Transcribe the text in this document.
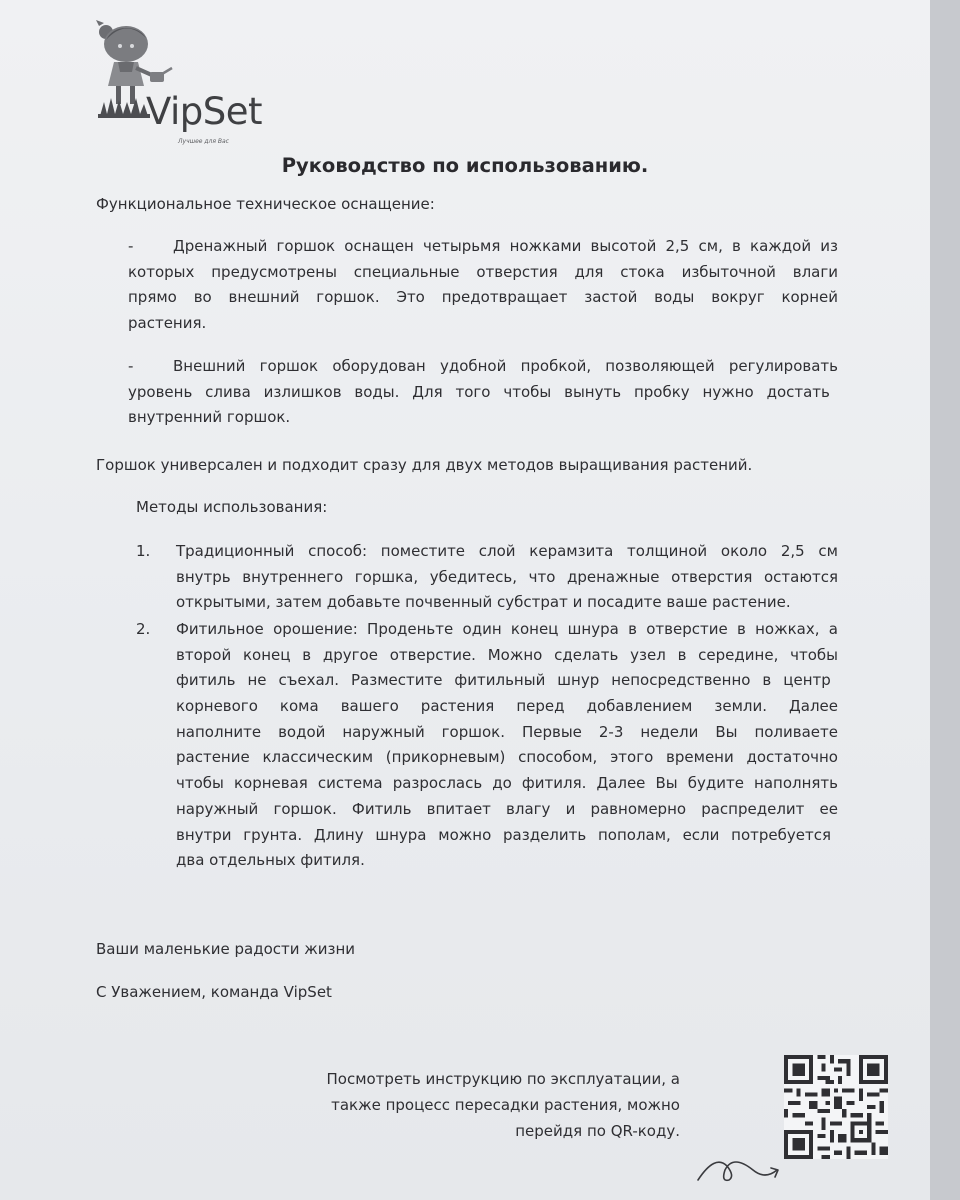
VipSet
Лучшее для Вас
Руководство по использованию.

Функциональное техническое оснащение:

-	Дренажный горшок оснащен четырьмя ножками высотой 2,5 см, в каждой из
которых предусмотрены специальные отверстия для стока избыточной влаги
прямо во внешний горшок. Это предотвращает застой воды вокруг корней
растения.
-	Внешний горшок оборудован удобной пробкой, позволяющей регулировать
уровень слива излишков воды. Для того чтобы вынуть пробку нужно достать
внутренний горшок.

Горшок универсален и подходит сразу для двух методов выращивания растений.

Методы использования:

1. Традиционный способ: поместите слой керамзита толщиной около 2,5 см
внутрь внутреннего горшка, убедитесь, что дренажные отверстия остаются
открытыми, затем добавьте почвенный субстрат и посадите ваше растение.
2. Фитильное орошение: Проденьте один конец шнура в отверстие в ножках, а
второй конец в другое отверстие. Можно сделать узел в середине, чтобы
фитиль не съехал. Разместите фитильный шнур непосредственно в центр
корневого кома вашего растения перед добавлением земли. Далее
наполните водой наружный горшок. Первые 2-3 недели Вы поливаете
растение классическим (прикорневым) способом, этого времени достаточно
чтобы корневая система разрослась до фитиля. Далее Вы будите наполнять
наружный горшок. Фитиль впитает влагу и равномерно распределит ее
внутри грунта. Длину шнура можно разделить пополам, если потребуется
два отдельных фитиля.

Ваши маленькие радости жизни

С Уважением, команда VipSet

Посмотреть инструкцию по эксплуатации, а
также процесс пересадки растения, можно
перейдя по QR-коду.
